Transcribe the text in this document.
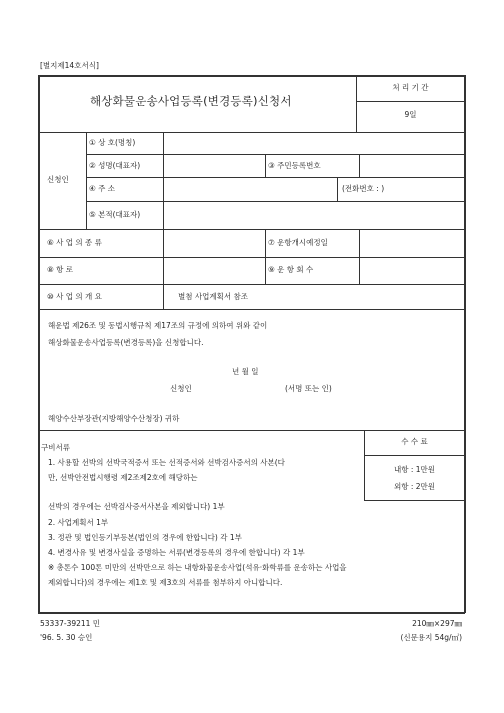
[별지제14호서식]
해상화물운송사업등록(변경등록)신청서
처 리 기 간
9일
신청인
① 상 호(명칭)
② 성명(대표자)	③ 주민등록번호
④ 주 소	(전화번호 : )
⑤ 본적(대표자)
⑥ 사 업 의 종 류	⑦ 운항개시예정일
⑧ 항 로	⑨ 운 항 회 수
⑩ 사 업 의 개 요	별첨 사업계획서 참조
해운법 제26조 및 동법시행규칙 제17조의 규정에 의하여 위와 같이
해상화물운송사업등록(변경등록)을 신청합니다.
년 월 일
신청인	(서명 또는 인)
해양수산부장관(지방해양수산청장) 귀하
수 수 료
내항 : 1만원
외항 : 2만원
구비서류
1. 사용할 선박의 선박국적증서 또는 선적증서와 선박검사증서의 사본(다
만, 선박안전법시행령 제2조제2호에 해당하는
선박의 경우에는 선박검사증서사본을 제외합니다) 1부
2. 사업계획서 1부
3. 정관 및 법인등기부등본(법인의 경우에 한합니다) 각 1부
4. 변경사유 및 변경사실을 증명하는 서류(변경등록의 경우에 한합니다) 각 1부
※ 총톤수 100톤 미만의 선박만으로 하는 내항화물운송사업(석유·화학류를 운송하는 사업을
제외합니다)의 경우에는 제1호 및 제3호의 서류를 첨부하지 아니합니다.
53337-39211 민
'96. 5. 30 승인
210㎜×297㎜
(신문용지 54g/㎡)
